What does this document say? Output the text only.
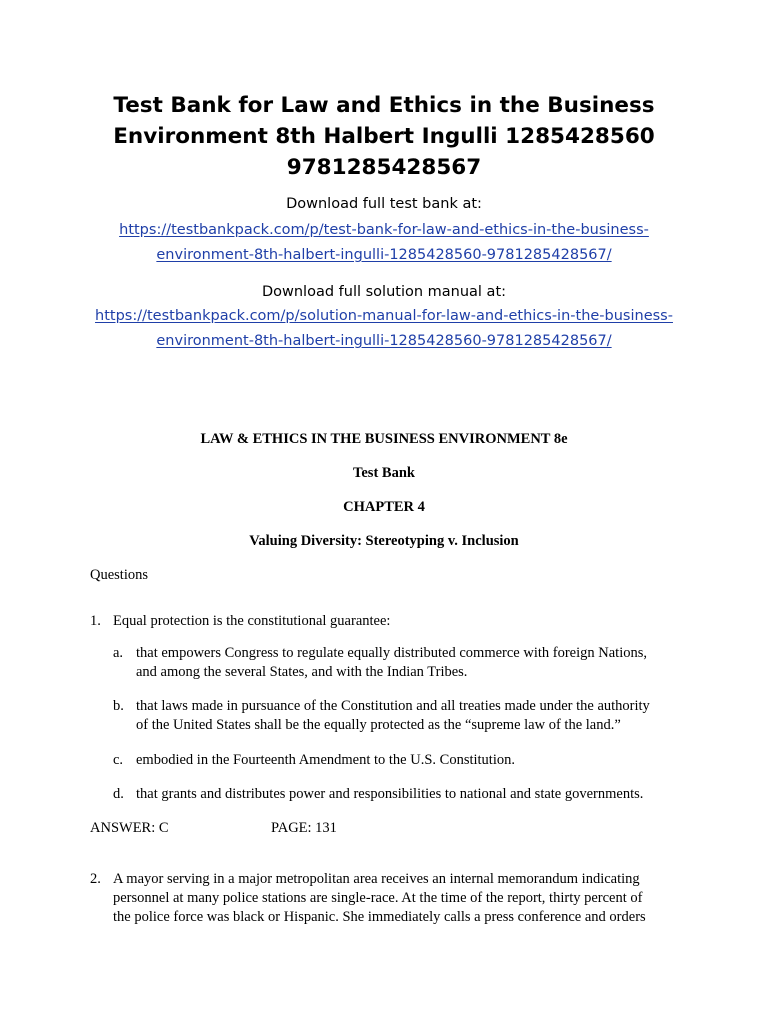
Test Bank for Law and Ethics in the Business
Environment 8th Halbert Ingulli 1285428560
9781285428567
Download full test bank at:
https://testbankpack.com/p/test-bank-for-law-and-ethics-in-the-business-
environment-8th-halbert-ingulli-1285428560-9781285428567/
Download full solution manual at:
https://testbankpack.com/p/solution-manual-for-law-and-ethics-in-the-business-
environment-8th-halbert-ingulli-1285428560-9781285428567/
LAW & ETHICS IN THE BUSINESS ENVIRONMENT 8e
Test Bank
CHAPTER 4
Valuing Diversity: Stereotyping v. Inclusion
Questions
1. Equal protection is the constitutional guarantee:
a. that empowers Congress to regulate equally distributed commerce with foreign Nations,
and among the several States, and with the Indian Tribes.
b. that laws made in pursuance of the Constitution and all treaties made under the authority
of the United States shall be the equally protected as the “supreme law of the land.”
c. embodied in the Fourteenth Amendment to the U.S. Constitution.
d. that grants and distributes power and responsibilities to national and state governments.
ANSWER: C	PAGE: 131
2. A mayor serving in a major metropolitan area receives an internal memorandum indicating
personnel at many police stations are single-race. At the time of the report, thirty percent of
the police force was black or Hispanic. She immediately calls a press conference and orders
